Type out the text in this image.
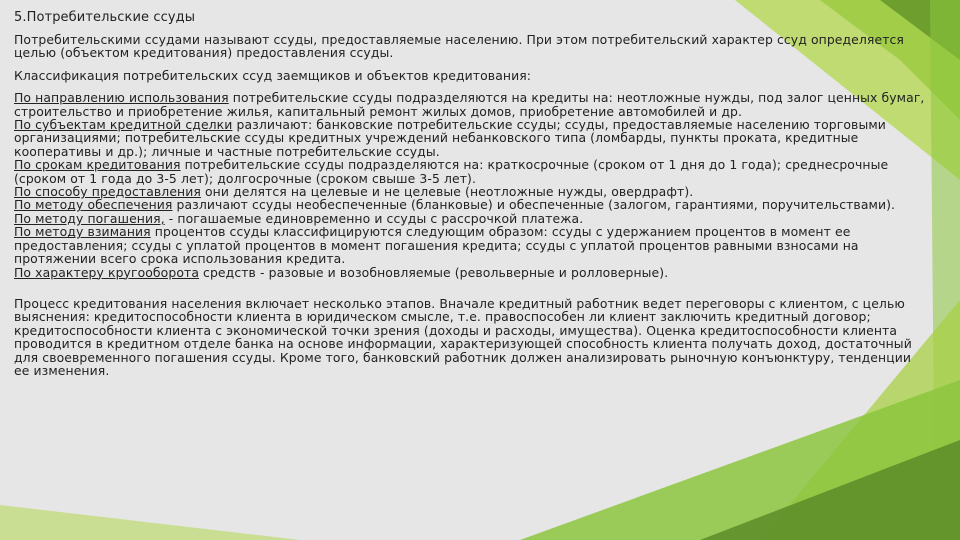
5.Потребительские ссуды
Потребительскими ссудами называют ссуды, предоставляемые населению. При этом потребительский характер ссуд определяется целью (объектом кредитования) предоставления ссуды.
Классификация потребительских ссуд заемщиков и объектов кредитования:
По направлению использования потребительские ссуды подразделяются на кредиты на: неотложные нужды, под залог ценных бумаг, строительство и приобретение жилья, капитальный ремонт жилых домов, приобретение автомобилей и др.
По субъектам кредитной сделки различают: банковские потребительские ссуды; ссуды, предоставляемые населению торговыми организациями; потребительские ссуды кредитных учреждений небанковского типа (ломбарды, пункты проката, кредитные кооперативы и др.); личные и частные потребительские ссуды.
По срокам кредитования потребительские ссуды подразделяются на: краткосрочные (сроком от 1 дня до 1 года); среднесрочные (сроком от 1 года до 3-5 лет); долгосрочные (сроком свыше 3-5 лет).
По способу предоставления они делятся на целевые и не целевые (неотложные нужды, овердрафт).
По методу обеспечения различают ссуды необеспеченные (бланковые) и обеспеченные (залогом, гарантиями, поручительствами).
По методу погашения, - погашаемые единовременно и ссуды с рассрочкой платежа.
По методу взимания процентов ссуды классифицируются следующим образом: ссуды с удержанием процентов в момент ее предоставления; ссуды с уплатой процентов в момент погашения кредита; ссуды с уплатой процентов равными взносами на протяжении всего срока использования кредита.
По характеру кругооборота средств - разовые и возобновляемые (револьверные и ролловерные).
Процесс кредитования населения включает несколько этапов. Вначале кредитный работник ведет переговоры с клиентом, с целью выяснения: кредитоспособности клиента в юридическом смысле, т.е. правоспособен ли клиент заключить кредитный договор; кредитоспособности клиента с экономической точки зрения (доходы и расходы, имущества). Оценка кредитоспособности клиента проводится в кредитном отделе банка на основе информации, характеризующей способность клиента получать доход, достаточный для своевременного погашения ссуды. Кроме того, банковский работник должен анализировать рыночную конъюнктуру, тенденции ее изменения.
